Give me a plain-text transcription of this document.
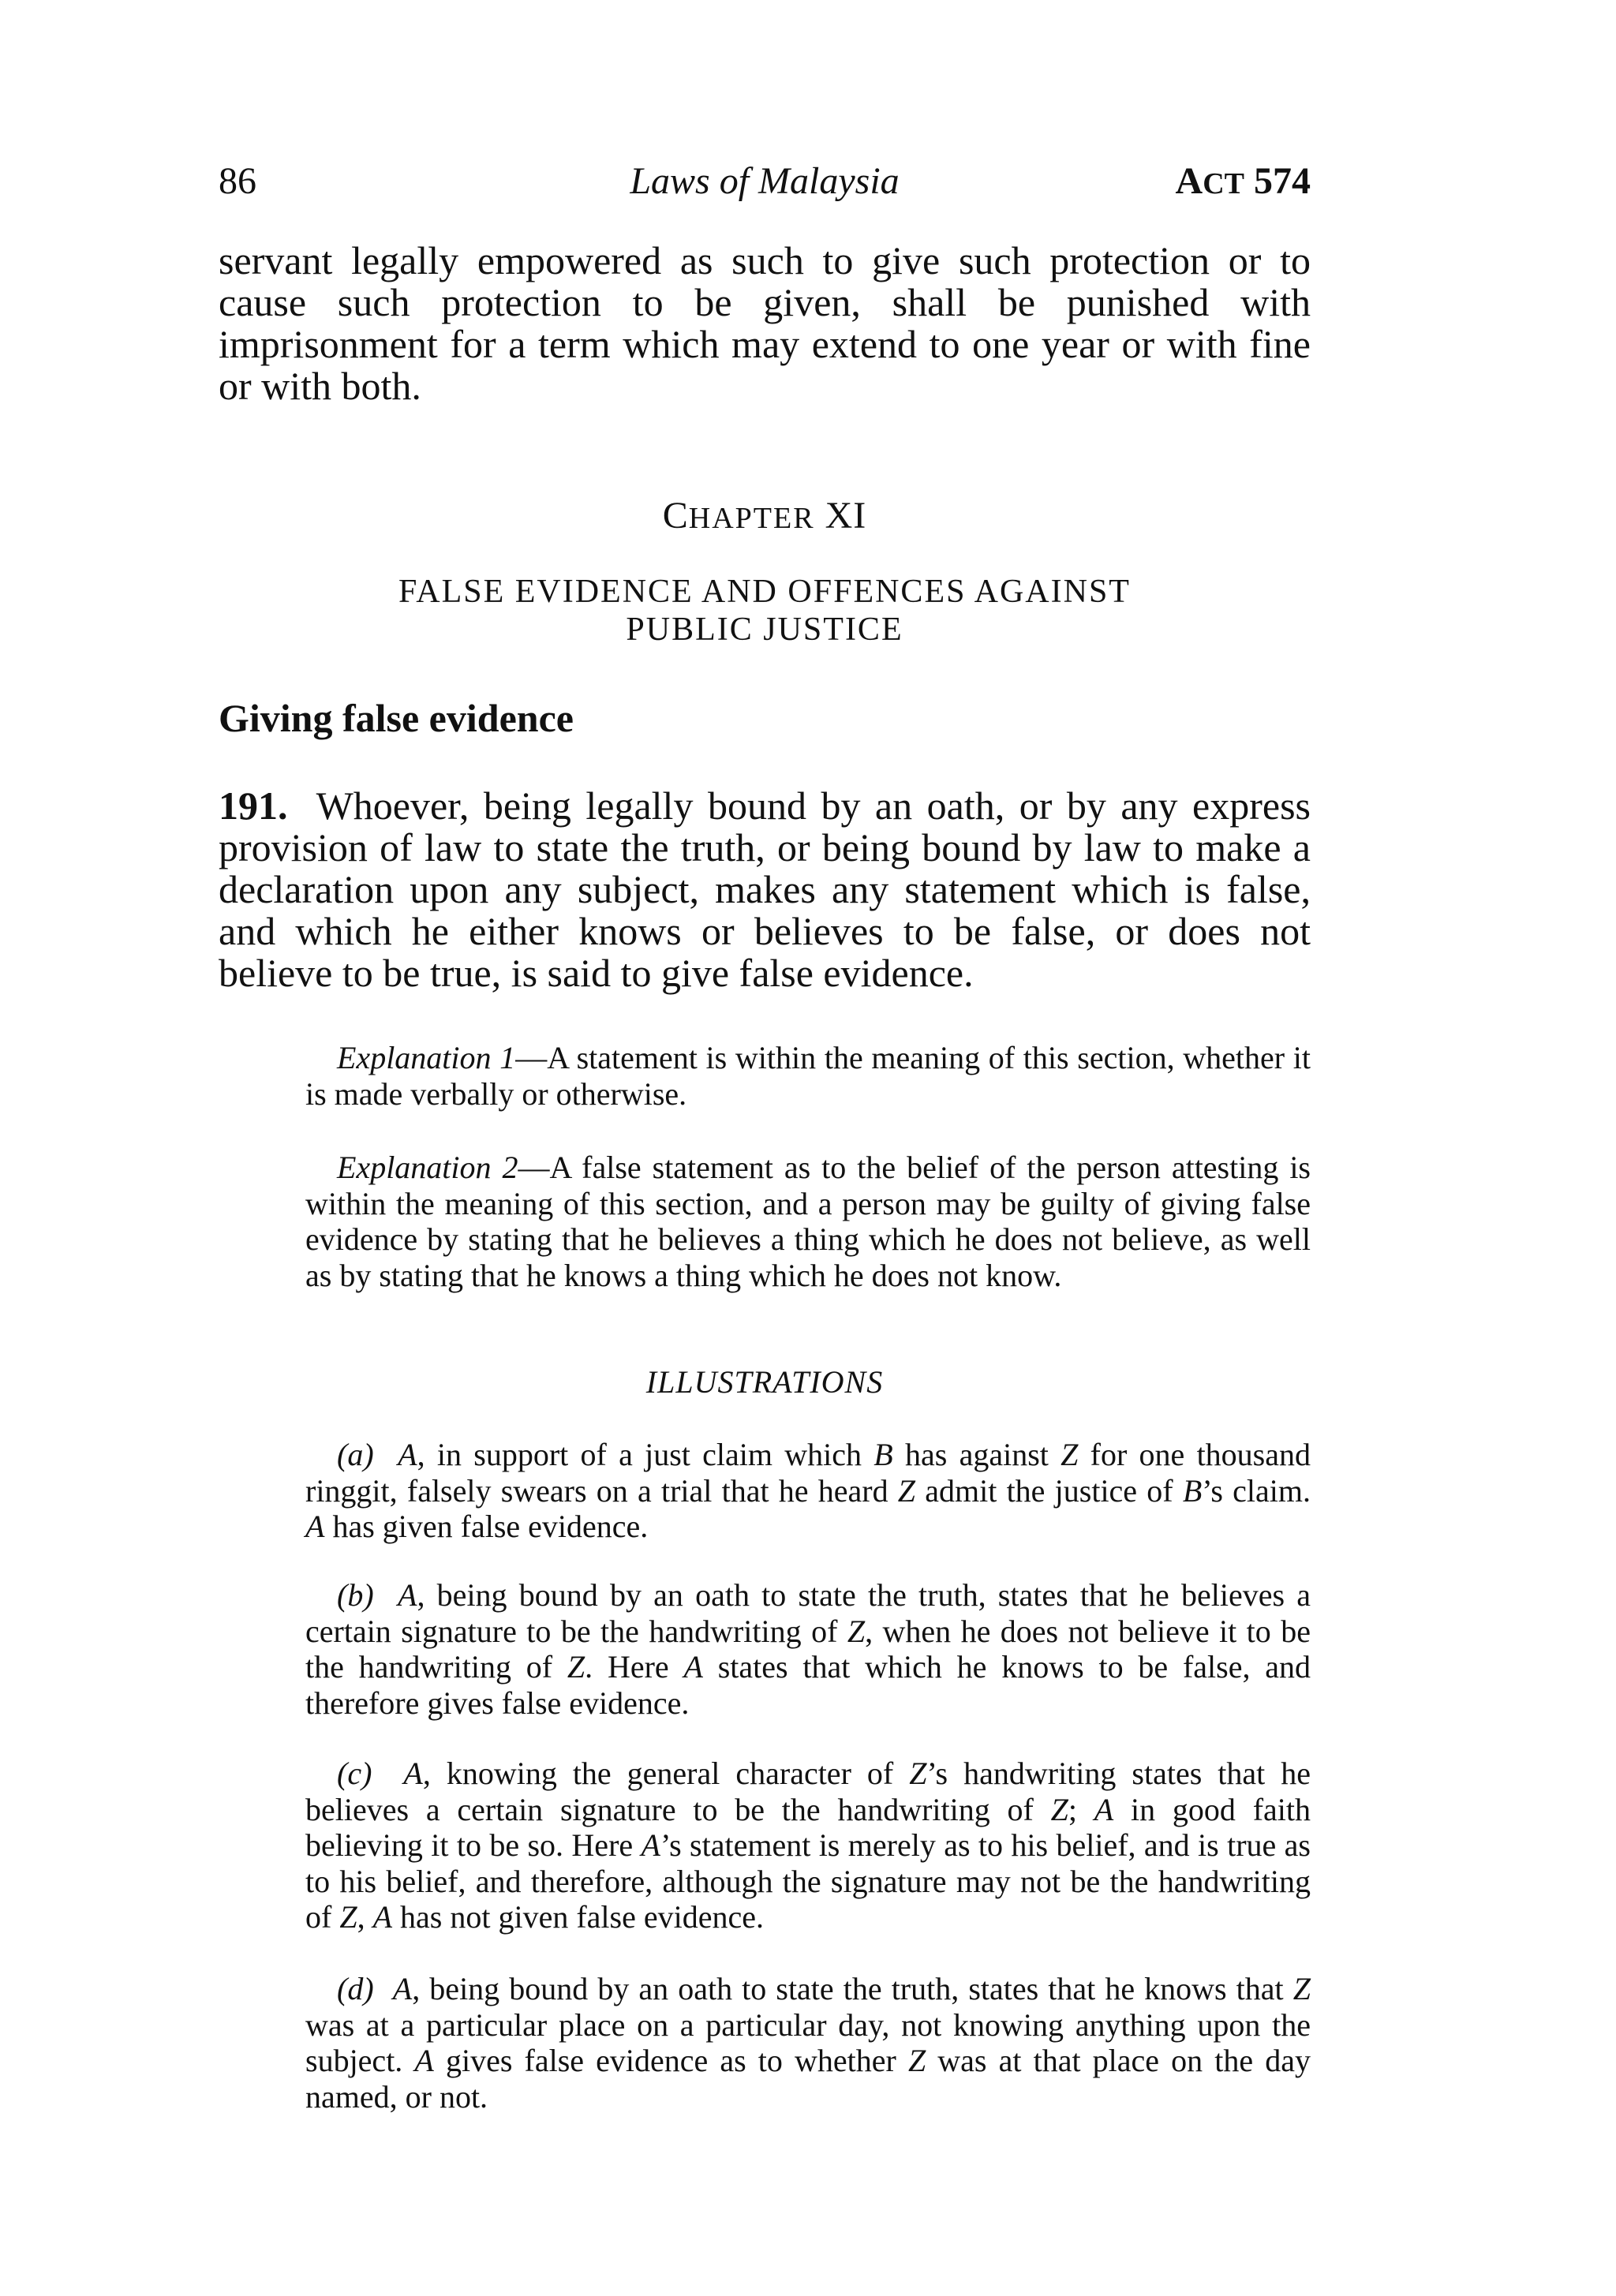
86	Laws of Malaysia	ACT 574

servant legally empowered as such to give such protection or to cause such protection to be given, shall be punished with imprisonment for a term which may extend to one year or with fine or with both.

CHAPTER XI
FALSE EVIDENCE AND OFFENCES AGAINST
PUBLIC JUSTICE
Giving false evidence

191. Whoever, being legally bound by an oath, or by any express provision of law to state the truth, or being bound by law to make a declaration upon any subject, makes any statement which is false, and which he either knows or believes to be false, or does not believe to be true, is said to give false evidence.

Explanation 1—A statement is within the meaning of this section, whether it is made verbally or otherwise.

Explanation 2—A false statement as to the belief of the person attesting is within the meaning of this section, and a person may be guilty of giving false evidence by stating that he believes a thing which he does not believe, as well as by stating that he knows a thing which he does not know.

ILLUSTRATIONS

(a) A, in support of a just claim which B has against Z for one thousand ringgit, falsely swears on a trial that he heard Z admit the justice of B’s claim. A has given false evidence.

(b) A, being bound by an oath to state the truth, states that he believes a certain signature to be the handwriting of Z, when he does not believe it to be the handwriting of Z. Here A states that which he knows to be false, and therefore gives false evidence.

(c) A, knowing the general character of Z’s handwriting states that he believes a certain signature to be the handwriting of Z; A in good faith believing it to be so. Here A’s statement is merely as to his belief, and is true as to his belief, and therefore, although the signature may not be the handwriting of Z, A has not given false evidence.

(d) A, being bound by an oath to state the truth, states that he knows that Z was at a particular place on a particular day, not knowing anything upon the subject. A gives false evidence as to whether Z was at that place on the day named, or not.
